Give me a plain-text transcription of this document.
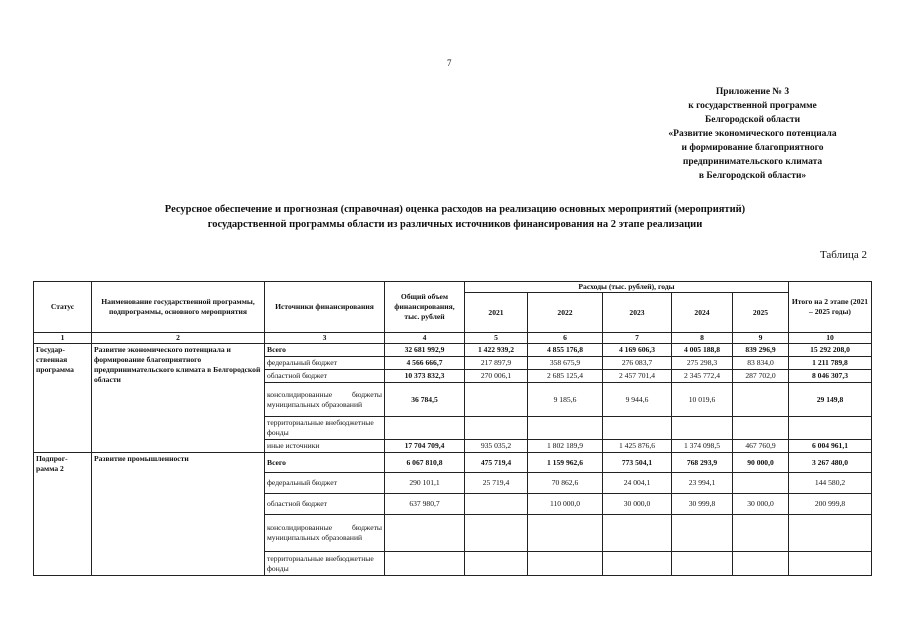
7
Приложение № 3
к государственной программе
Белгородской области
«Развитие экономического потенциала
и формирование благоприятного
предпринимательского климата
в Белгородской области»
Ресурсное обеспечение и прогнозная (справочная) оценка расходов на реализацию основных мероприятий (мероприятий)
государственной программы области из различных источников финансирования на 2 этапе реализации
Таблица 2
Статус	Наименование государственной программы, подпрограммы, основного мероприятия	Источники финансирования	Общий объем финансирования, тыс. рублей	Расходы (тыс. рублей), годы					Итого на 2 этапе (2021 – 2025 годы)
				2021	2022	2023	2024	2025	
1	2	3	4	5	6	7	8	9	10
Государ-ственная программа	Развитие экономического потенциала и формирование благоприятного предпринимательского климата в Белгородской области	Всего	32 681 992,9	1 422 939,2	4 855 176,8	4 169 606,3	4 005 188,8	839 296,9	15 292 208,0
		федеральный бюджет	4 566 666,7	217 897,9	358 675,9	276 083,7	275 298,3	83 834,0	1 211 789,8
		областной бюджет	10 373 832,3	270 006,1	2 685 125,4	2 457 701,4	2 345 772,4	287 702,0	8 046 307,3
		консолидированные бюджеты муниципальных образований	36 784,5		9 185,6	9 944,6	10 019,6		29 149,8
		территориальные внебюджетные фонды							
		иные источники	17 704 709,4	935 035,2	1 802 189,9	1 425 876,6	1 374 098,5	467 760,9	6 004 961,1
Подпрог-рамма 2	Развитие промышленности	Всего	6 067 810,8	475 719,4	1 159 962,6	773 504,1	768 293,9	90 000,0	3 267 480,0
		федеральный бюджет	290 101,1	25 719,4	70 862,6	24 004,1	23 994,1		144 580,2
		областной бюджет	637 980,7		110 000,0	30 000,0	30 999,8	30 000,0	200 999,8
		консолидированные бюджеты муниципальных образований							
		территориальные внебюджетные фонды							
